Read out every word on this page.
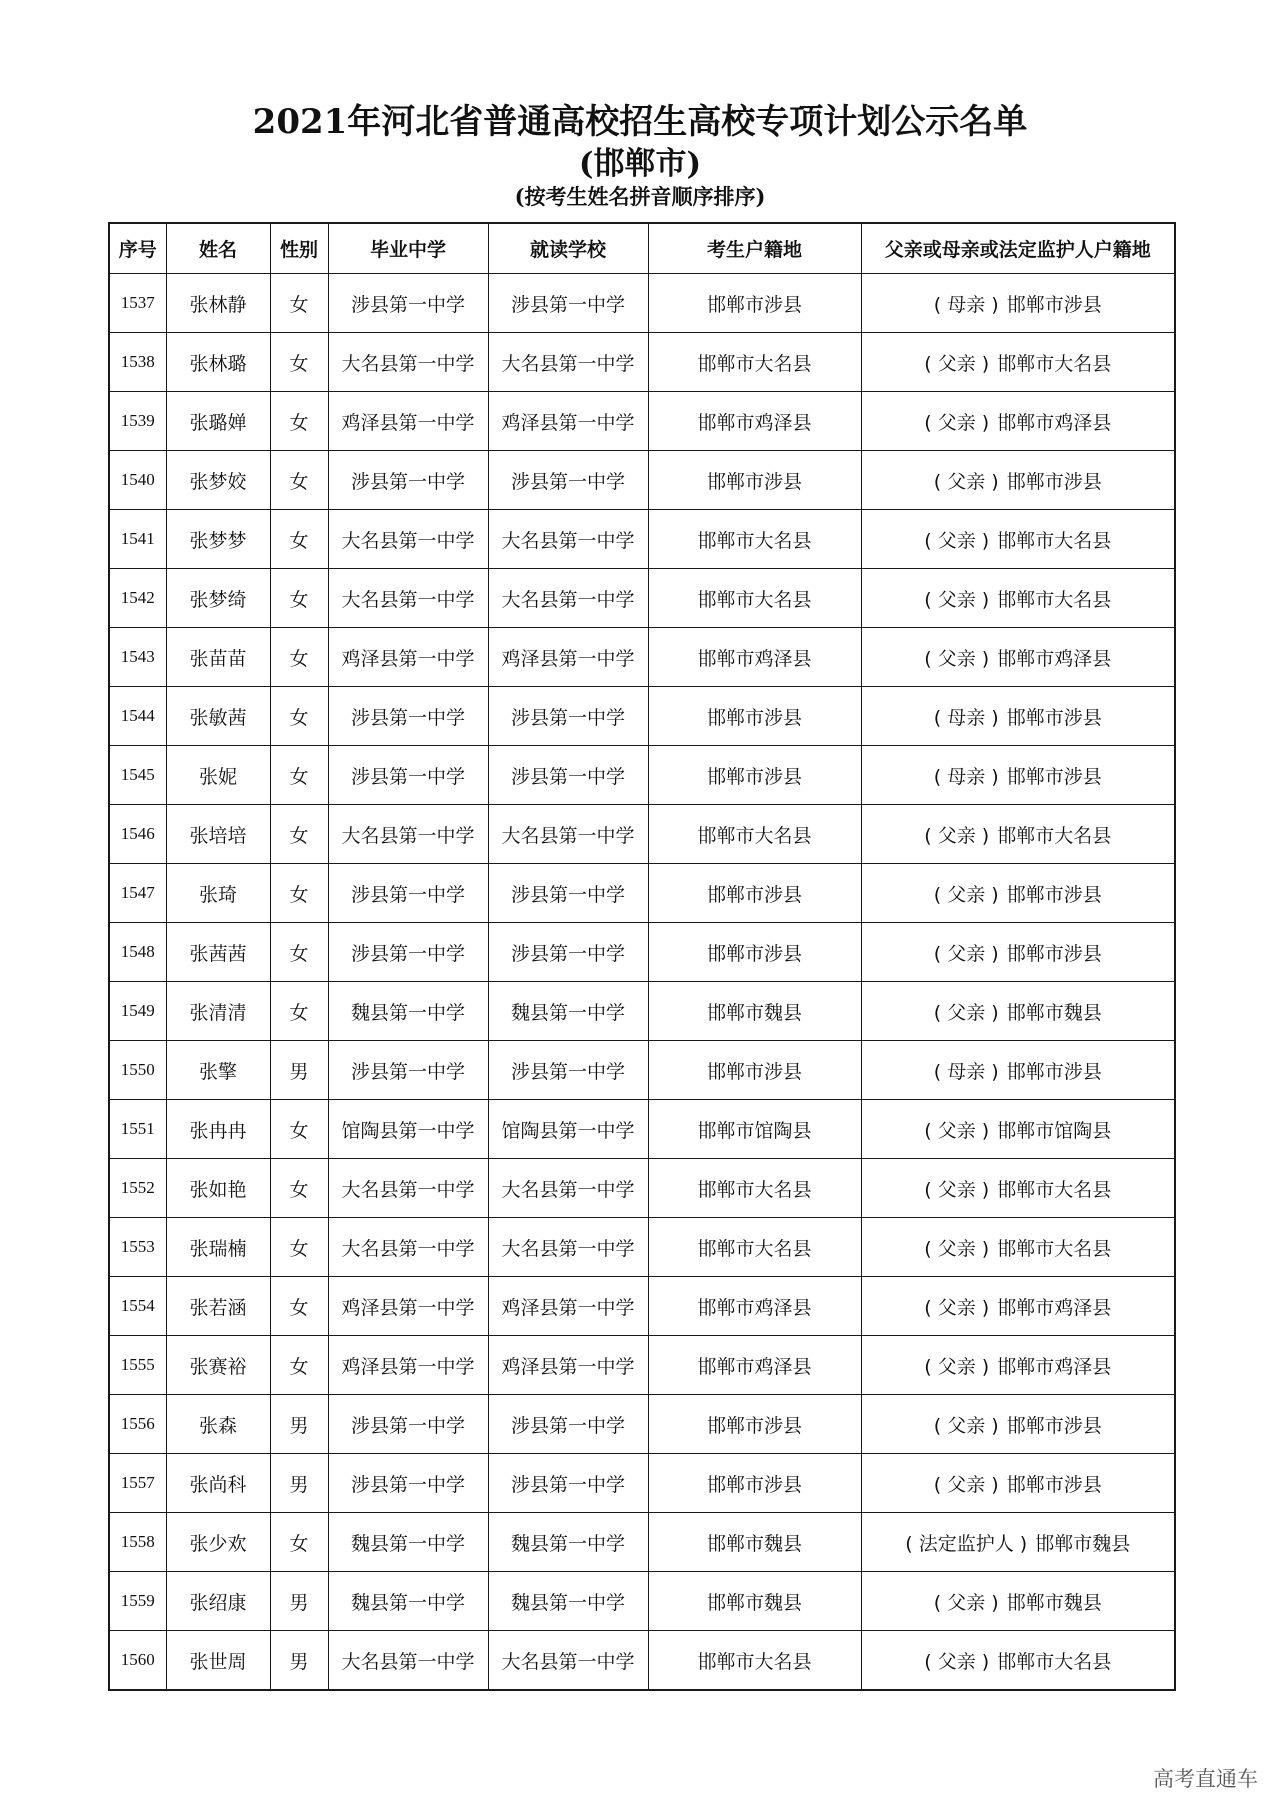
2021年河北省普通高校招生高校专项计划公示名单
(邯郸市)
(按考生姓名拼音顺序排序)
序号	姓名	性别	毕业中学	就读学校	考生户籍地	父亲或母亲或法定监护人户籍地
1537	张林静	女	涉县第一中学	涉县第一中学	邯郸市涉县	( 母亲 ) 邯郸市涉县
1538	张林璐	女	大名县第一中学	大名县第一中学	邯郸市大名县	( 父亲 ) 邯郸市大名县
1539	张璐婵	女	鸡泽县第一中学	鸡泽县第一中学	邯郸市鸡泽县	( 父亲 ) 邯郸市鸡泽县
1540	张梦姣	女	涉县第一中学	涉县第一中学	邯郸市涉县	( 父亲 ) 邯郸市涉县
1541	张梦梦	女	大名县第一中学	大名县第一中学	邯郸市大名县	( 父亲 ) 邯郸市大名县
1542	张梦绮	女	大名县第一中学	大名县第一中学	邯郸市大名县	( 父亲 ) 邯郸市大名县
1543	张苗苗	女	鸡泽县第一中学	鸡泽县第一中学	邯郸市鸡泽县	( 父亲 ) 邯郸市鸡泽县
1544	张敏茜	女	涉县第一中学	涉县第一中学	邯郸市涉县	( 母亲 ) 邯郸市涉县
1545	张妮	女	涉县第一中学	涉县第一中学	邯郸市涉县	( 母亲 ) 邯郸市涉县
1546	张培培	女	大名县第一中学	大名县第一中学	邯郸市大名县	( 父亲 ) 邯郸市大名县
1547	张琦	女	涉县第一中学	涉县第一中学	邯郸市涉县	( 父亲 ) 邯郸市涉县
1548	张茜茜	女	涉县第一中学	涉县第一中学	邯郸市涉县	( 父亲 ) 邯郸市涉县
1549	张清清	女	魏县第一中学	魏县第一中学	邯郸市魏县	( 父亲 ) 邯郸市魏县
1550	张擎	男	涉县第一中学	涉县第一中学	邯郸市涉县	( 母亲 ) 邯郸市涉县
1551	张冉冉	女	馆陶县第一中学	馆陶县第一中学	邯郸市馆陶县	( 父亲 ) 邯郸市馆陶县
1552	张如艳	女	大名县第一中学	大名县第一中学	邯郸市大名县	( 父亲 ) 邯郸市大名县
1553	张瑞楠	女	大名县第一中学	大名县第一中学	邯郸市大名县	( 父亲 ) 邯郸市大名县
1554	张若涵	女	鸡泽县第一中学	鸡泽县第一中学	邯郸市鸡泽县	( 父亲 ) 邯郸市鸡泽县
1555	张赛裕	女	鸡泽县第一中学	鸡泽县第一中学	邯郸市鸡泽县	( 父亲 ) 邯郸市鸡泽县
1556	张森	男	涉县第一中学	涉县第一中学	邯郸市涉县	( 父亲 ) 邯郸市涉县
1557	张尚科	男	涉县第一中学	涉县第一中学	邯郸市涉县	( 父亲 ) 邯郸市涉县
1558	张少欢	女	魏县第一中学	魏县第一中学	邯郸市魏县	( 法定监护人 ) 邯郸市魏县
1559	张绍康	男	魏县第一中学	魏县第一中学	邯郸市魏县	( 父亲 ) 邯郸市魏县
1560	张世周	男	大名县第一中学	大名县第一中学	邯郸市大名县	( 父亲 ) 邯郸市大名县
高考直通车
